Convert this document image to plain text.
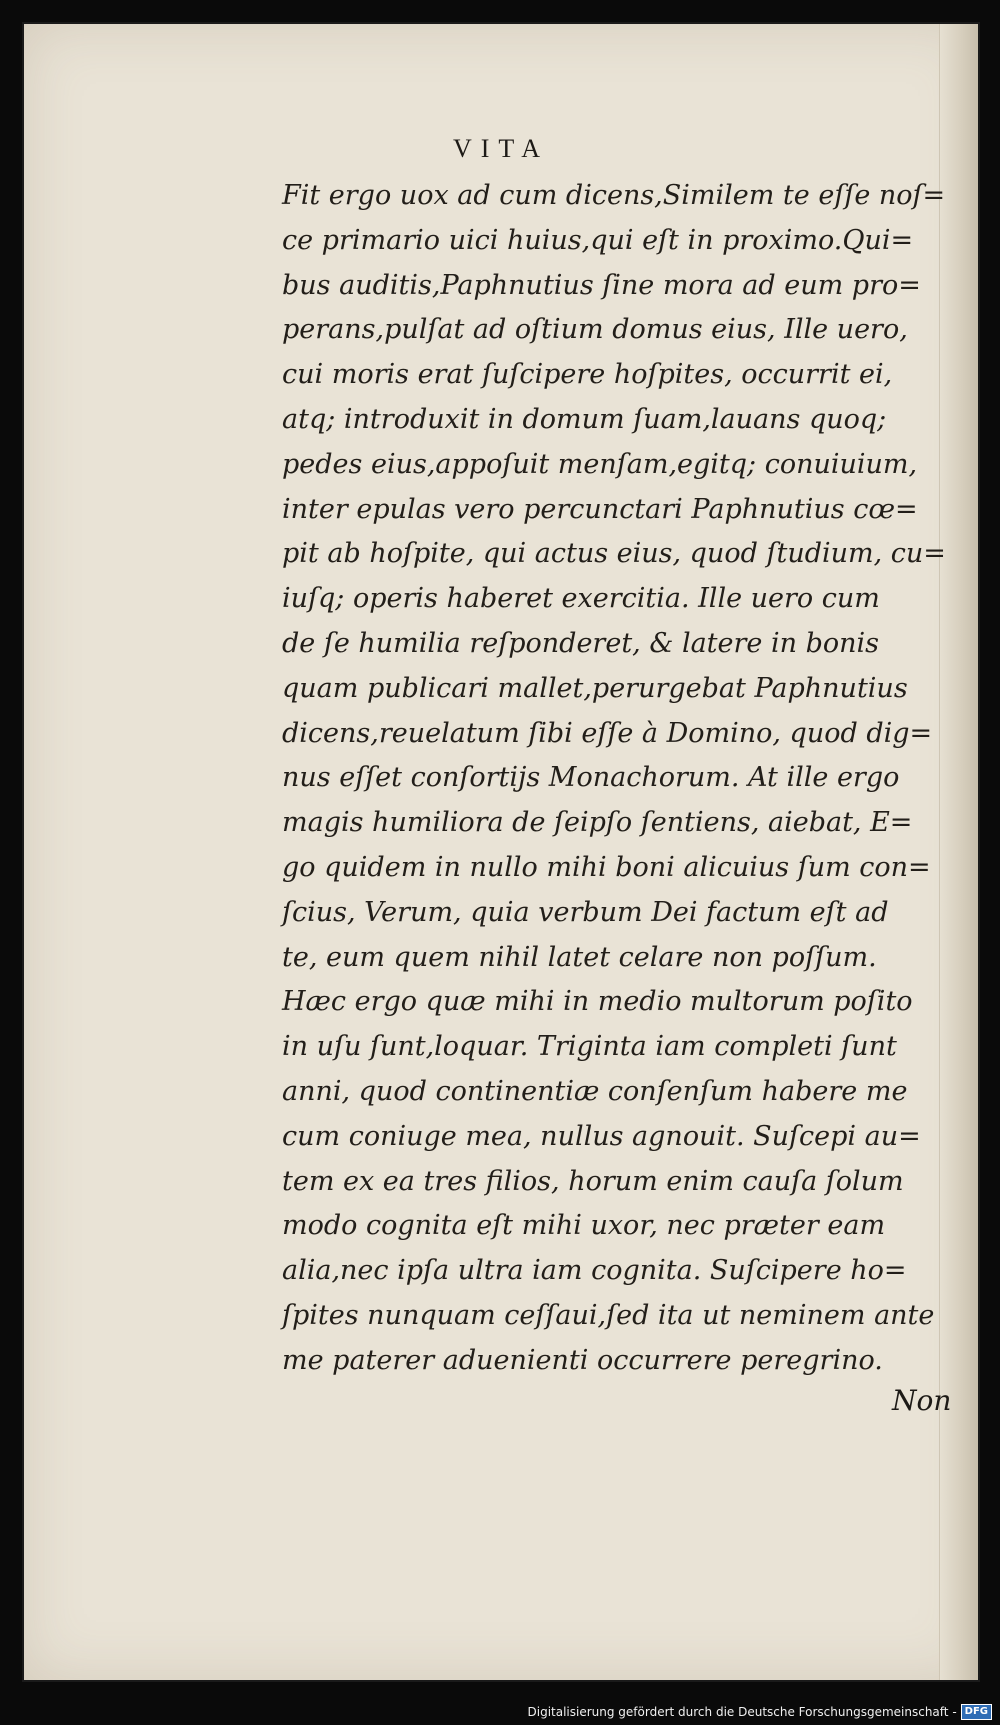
VITA
Fit ergo uox ad cum dicens,Similem te eſſe noſ=
ce primario uici huius,qui eſt in proximo.Qui=
bus auditis,Paphnutius ſine mora ad eum pro=
perans,pulſat ad oſtium domus eius, Ille uero,
cui moris erat ſuſcipere hoſpites, occurrit ei,
atq; introduxit in domum ſuam,lauans quoq;
pedes eius,appoſuit menſam,egitq; conuiuium,
inter epulas vero percunctari Paphnutius cœ=
pit ab hoſpite, qui actus eius, quod ſtudium, cu=
iuſq; operis haberet exercitia. Ille uero cum
de ſe humilia reſponderet, & latere in bonis
quam publicari mallet,perurgebat Paphnutius
dicens,reuelatum ſibi eſſe à Domino, quod dig=
nus eſſet conſortijs Monachorum. At ille ergo
magis humiliora de ſeipſo ſentiens, aiebat, E=
go quidem in nullo mihi boni alicuius ſum con=
ſcius, Verum, quia verbum Dei factum eſt ad
te, eum quem nihil latet celare non poſſum.
Hæc ergo quæ mihi in medio multorum poſito
in uſu ſunt,loquar. Triginta iam completi ſunt
anni, quod continentiæ conſenſum habere me
cum coniuge mea, nullus agnouit. Suſcepi au=
tem ex ea tres filios, horum enim cauſa ſolum
modo cognita eſt mihi uxor, nec præter eam
alia,nec ipſa ultra iam cognita. Suſcipere ho=
ſpites nunquam ceſſaui,ſed ita ut neminem ante
me paterer aduenienti occurrere peregrino.
Non
Digitalisierung gefördert durch die Deutsche Forschungsgemeinschaft - DFG
